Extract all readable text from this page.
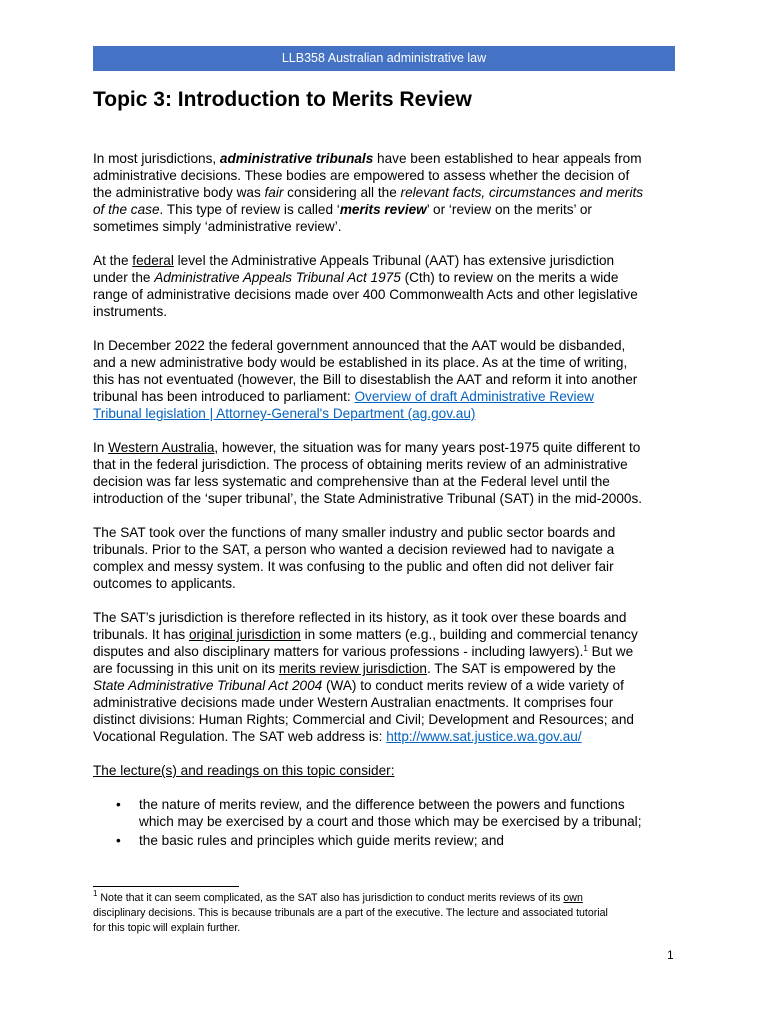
LLB358 Australian administrative law
Topic 3: Introduction to Merits Review
In most jurisdictions, administrative tribunals have been established to hear appeals from
administrative decisions. These bodies are empowered to assess whether the decision of
the administrative body was fair considering all the relevant facts, circumstances and merits
of the case. This type of review is called ‘merits review’ or ‘review on the merits’ or
sometimes simply ‘administrative review’.
At the federal level the Administrative Appeals Tribunal (AAT) has extensive jurisdiction
under the Administrative Appeals Tribunal Act 1975 (Cth) to review on the merits a wide
range of administrative decisions made over 400 Commonwealth Acts and other legislative
instruments.
In December 2022 the federal government announced that the AAT would be disbanded,
and a new administrative body would be established in its place. As at the time of writing,
this has not eventuated (however, the Bill to disestablish the AAT and reform it into another
tribunal has been introduced to parliament: Overview of draft Administrative Review
Tribunal legislation | Attorney-General's Department (ag.gov.au)
In Western Australia, however, the situation was for many years post-1975 quite different to
that in the federal jurisdiction. The process of obtaining merits review of an administrative
decision was far less systematic and comprehensive than at the Federal level until the
introduction of the ‘super tribunal’, the State Administrative Tribunal (SAT) in the mid-2000s.
The SAT took over the functions of many smaller industry and public sector boards and
tribunals. Prior to the SAT, a person who wanted a decision reviewed had to navigate a
complex and messy system. It was confusing to the public and often did not deliver fair
outcomes to applicants.
The SAT’s jurisdiction is therefore reflected in its history, as it took over these boards and
tribunals. It has original jurisdiction in some matters (e.g., building and commercial tenancy
disputes and also disciplinary matters for various professions - including lawyers).$^1$ But we
are focussing in this unit on its merits review jurisdiction. The SAT is empowered by the
State Administrative Tribunal Act 2004 (WA) to conduct merits review of a wide variety of
administrative decisions made under Western Australian enactments. It comprises four
distinct divisions: Human Rights; Commercial and Civil; Development and Resources; and
Vocational Regulation. The SAT web address is: http://www.sat.justice.wa.gov.au/
The lecture(s) and readings on this topic consider:
• the nature of merits review, and the difference between the powers and functions
which may be exercised by a court and those which may be exercised by a tribunal;
• the basic rules and principles which guide merits review; and
$^1$ Note that it can seem complicated, as the SAT also has jurisdiction to conduct merits reviews of its own
disciplinary decisions. This is because tribunals are a part of the executive. The lecture and associated tutorial
for this topic will explain further.
1
